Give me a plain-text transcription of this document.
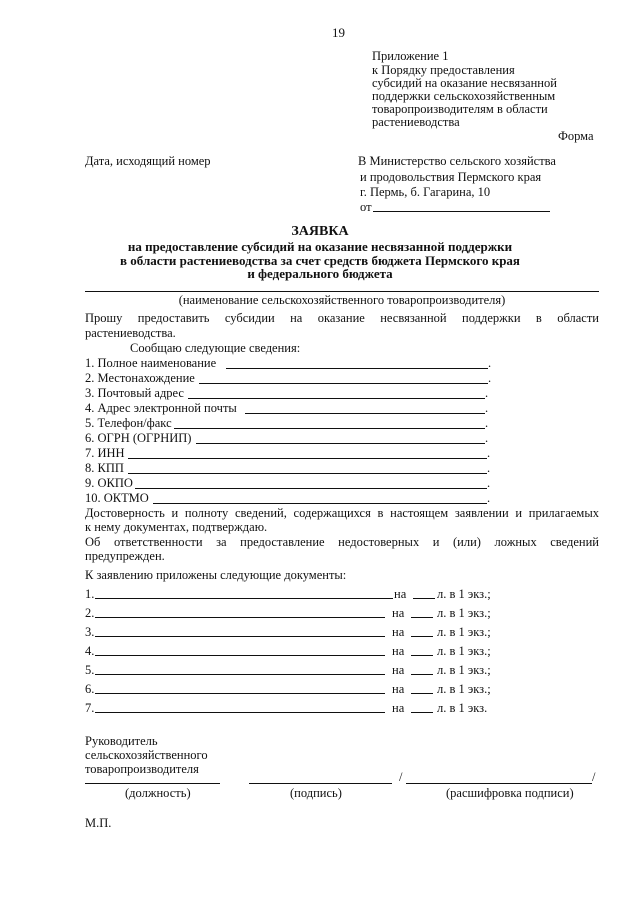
19
Приложение 1
к Порядку предоставления
субсидий на оказание несвязанной
поддержки сельскохозяйственным
товаропроизводителям в области
растениеводства
Форма
Дата, исходящий номер	В Министерство сельского хозяйства
и продовольствия Пермского края
г. Пермь, б. Гагарина, 10
от
ЗАЯВКА
на предоставление субсидий на оказание несвязанной поддержки
в области растениеводства за счет средств бюджета Пермского края
и федерального бюджета
(наименование сельскохозяйственного товаропроизводителя)
Прошу предоставить субсидии на оказание несвязанной поддержки в области
растениеводства.
Сообщаю следующие сведения:
1. Полное наименование	.
2. Местонахождение	.
3. Почтовый адрес	.
4. Адрес электронной почты	.
5. Телефон/факс	.
6. ОГРН (ОГРНИП)	.
7. ИНН	.
8. КПП	.
9. ОКПО	.
10. ОКТМО	.
Достоверность и полноту сведений, содержащихся в настоящем заявлении и прилагаемых
к нему документах, подтверждаю.
Об ответственности за предоставление недостоверных и (или) ложных сведений
предупрежден.
К заявлению приложены следующие документы:
1.	на л. в 1 экз.;
2.	на	л. в 1 экз.;
3.	на	л. в 1 экз.;
4.	на	л. в 1 экз.;
5.	на	л. в 1 экз.;
6.	на	л. в 1 экз.;
7.	на	л. в 1 экз.
Руководитель
сельскохозяйственного
товаропроизводителя
/	/
(должность)	(подпись)	(расшифровка подписи)
М.П.
